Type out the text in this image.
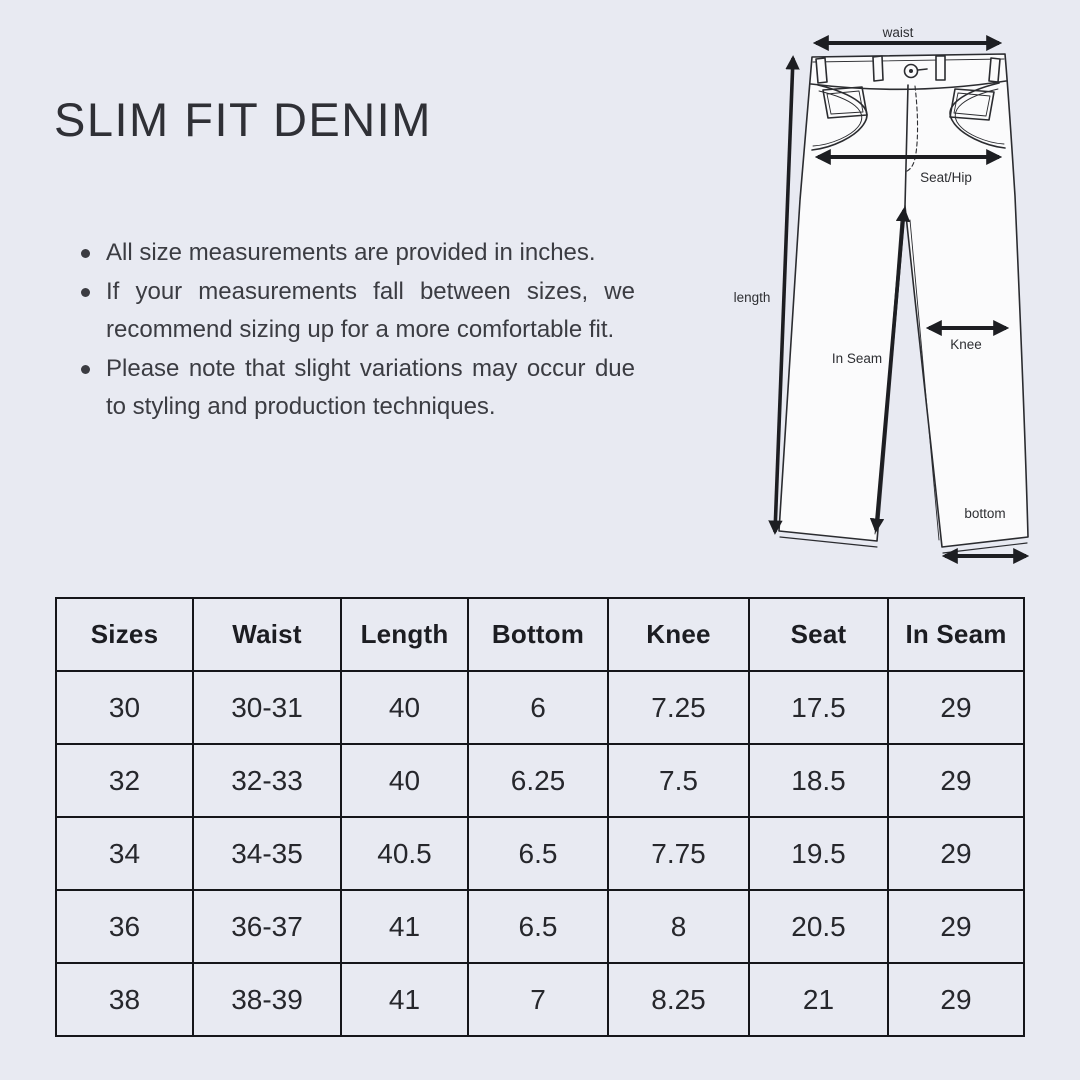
SLIM FIT DENIM
All size measurements are provided in inches.
If your measurements fall between sizes, we recommend sizing up for a more comfortable fit.
Please note that slight variations may occur due to styling and production techniques.
waist
Seat/Hip
length
In Seam
Knee
bottom
Sizes	Waist	Length	Bottom	Knee	Seat	In Seam
30	30-31	40	6	7.25	17.5	29
32	32-33	40	6.25	7.5	18.5	29
34	34-35	40.5	6.5	7.75	19.5	29
36	36-37	41	6.5	8	20.5	29
38	38-39	41	7	8.25	21	29
